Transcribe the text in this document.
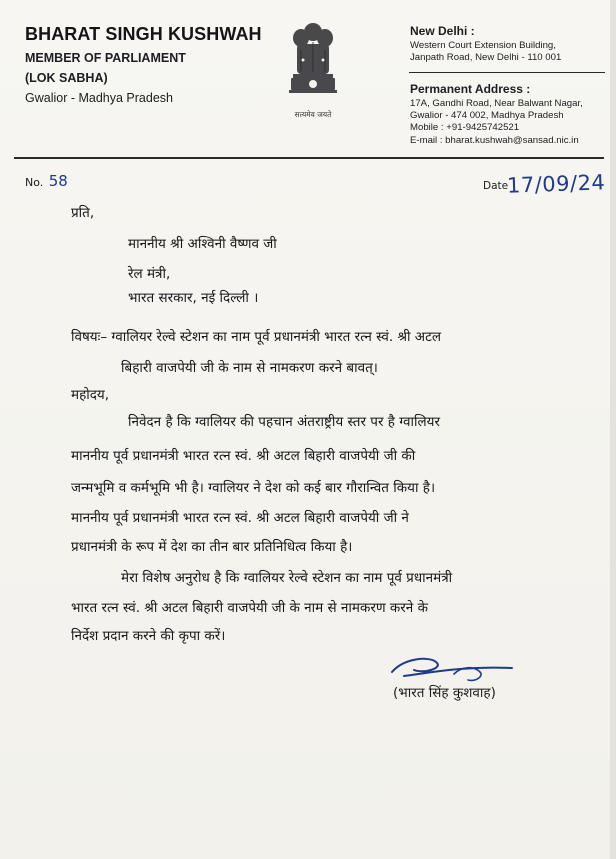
BHARAT SINGH KUSHWAH
MEMBER OF PARLIAMENT
(LOK SABHA)
Gwalior - Madhya Pradesh
सत्यमेव जयते
New Delhi :
Western Court Extension Building,
Janpath Road, New Delhi - 110 001
Permanent Address :
17A, Gandhi Road, Near Balwant Nagar,
Gwalior - 474 002, Madhya Pradesh
Mobile : +91-9425742521
E-mail : bharat.kushwah@sansad.nic.in
No. 58	Date
17/09/24
प्रति,
माननीय श्री अश्विनी वैष्णव जी
रेल मंत्री,
भारत सरकार, नई दिल्ली ।
विषयः– ग्वालियर रेल्वे स्टेशन का नाम पूर्व प्रधानमंत्री भारत रत्न स्वं. श्री अटल
बिहारी वाजपेयी जी के नाम से नामकरण करने बावत्।
महोदय,
निवेदन है कि ग्वालियर की पहचान अंतराष्ट्रीय स्तर पर है ग्वालियर
माननीय पूर्व प्रधानमंत्री भारत रत्न स्वं. श्री अटल बिहारी वाजपेयी जी की
जन्मभूमि व कर्मभूमि भी है। ग्वालियर ने देश को कई बार गौरान्वित किया है।
माननीय पूर्व प्रधानमंत्री भारत रत्न स्वं. श्री अटल बिहारी वाजपेयी जी ने
प्रधानमंत्री के रूप में देश का तीन बार प्रतिनिधित्व किया है।
मेरा विशेष अनुरोध है कि ग्वालियर रेल्वे स्टेशन का नाम पूर्व प्रधानमंत्री
भारत रत्न स्वं. श्री अटल बिहारी वाजपेयी जी के नाम से नामकरण करने के
निर्देश प्रदान करने की कृपा करें।
(भारत सिंह कुशवाह)
